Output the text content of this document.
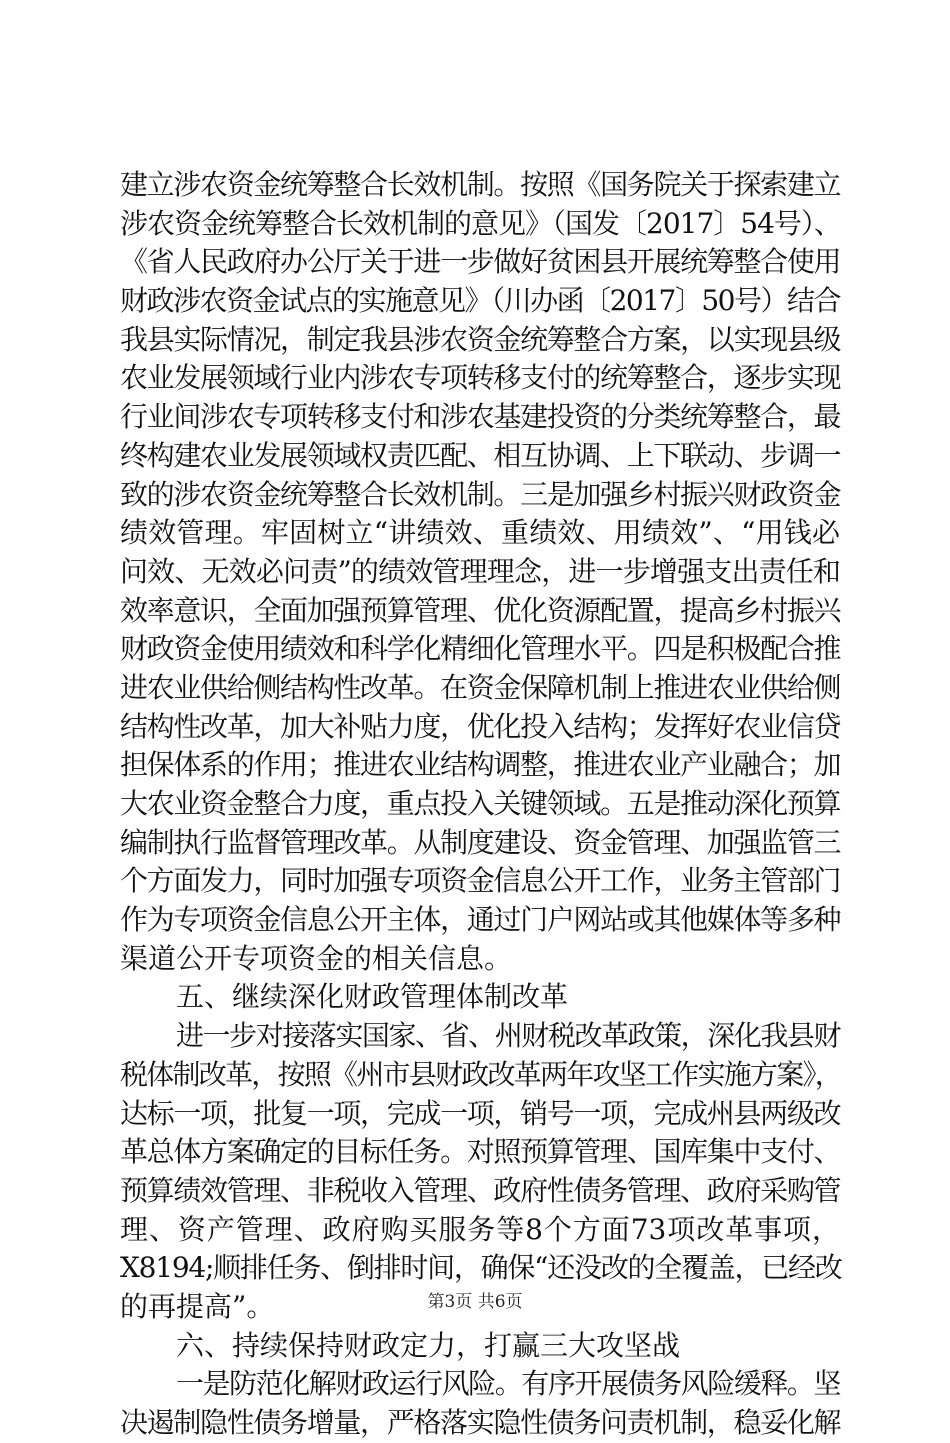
建立涉农资金统筹整合长效机制。按照《国务院关于探索建立
涉农资金统筹整合长效机制的意见》（国发〔2017〕54号）、
《省人民政府办公厅关于进一步做好贫困县开展统筹整合使用
财政涉农资金试点的实施意见》（川办函〔2017〕50号）结合
我县实际情况，制定我县涉农资金统筹整合方案，以实现县级
农业发展领域行业内涉农专项转移支付的统筹整合，逐步实现
行业间涉农专项转移支付和涉农基建投资的分类统筹整合，最
终构建农业发展领域权责匹配、相互协调、上下联动、步调一
致的涉农资金统筹整合长效机制。三是加强乡村振兴财政资金
绩效管理。牢固树立“讲绩效、重绩效、用绩效”、“用钱必
问效、无效必问责”的绩效管理理念，进一步增强支出责任和
效率意识，全面加强预算管理、优化资源配置，提高乡村振兴
财政资金使用绩效和科学化精细化管理水平。四是积极配合推
进农业供给侧结构性改革。在资金保障机制上推进农业供给侧
结构性改革，加大补贴力度，优化投入结构；发挥好农业信贷
担保体系的作用；推进农业结构调整，推进农业产业融合；加
大农业资金整合力度，重点投入关键领域。五是推动深化预算
编制执行监督管理改革。从制度建设、资金管理、加强监管三
个方面发力，同时加强专项资金信息公开工作，业务主管部门
作为专项资金信息公开主体，通过门户网站或其他媒体等多种
渠道公开专项资金的相关信息。
五、继续深化财政管理体制改革
进一步对接落实国家、省、州财税改革政策，深化我县财
税体制改革，按照《州市县财政改革两年攻坚工作实施方案》，
达标一项，批复一项，完成一项，销号一项，完成州县两级改
革总体方案确定的目标任务。对照预算管理、国库集中支付、
预算绩效管理、非税收入管理、政府性债务管理、政府采购管
理、资产管理、政府购买服务等8个方面73项改革事项，
X8194;顺排任务、倒排时间，确保“还没改的全覆盖，已经改
的再提高”。
六、持续保持财政定力，打赢三大攻坚战
一是防范化解财政运行风险。有序开展债务风险缓释。坚
决遏制隐性债务增量，严格落实隐性债务问责机制，稳妥化解
第3页 共6页
